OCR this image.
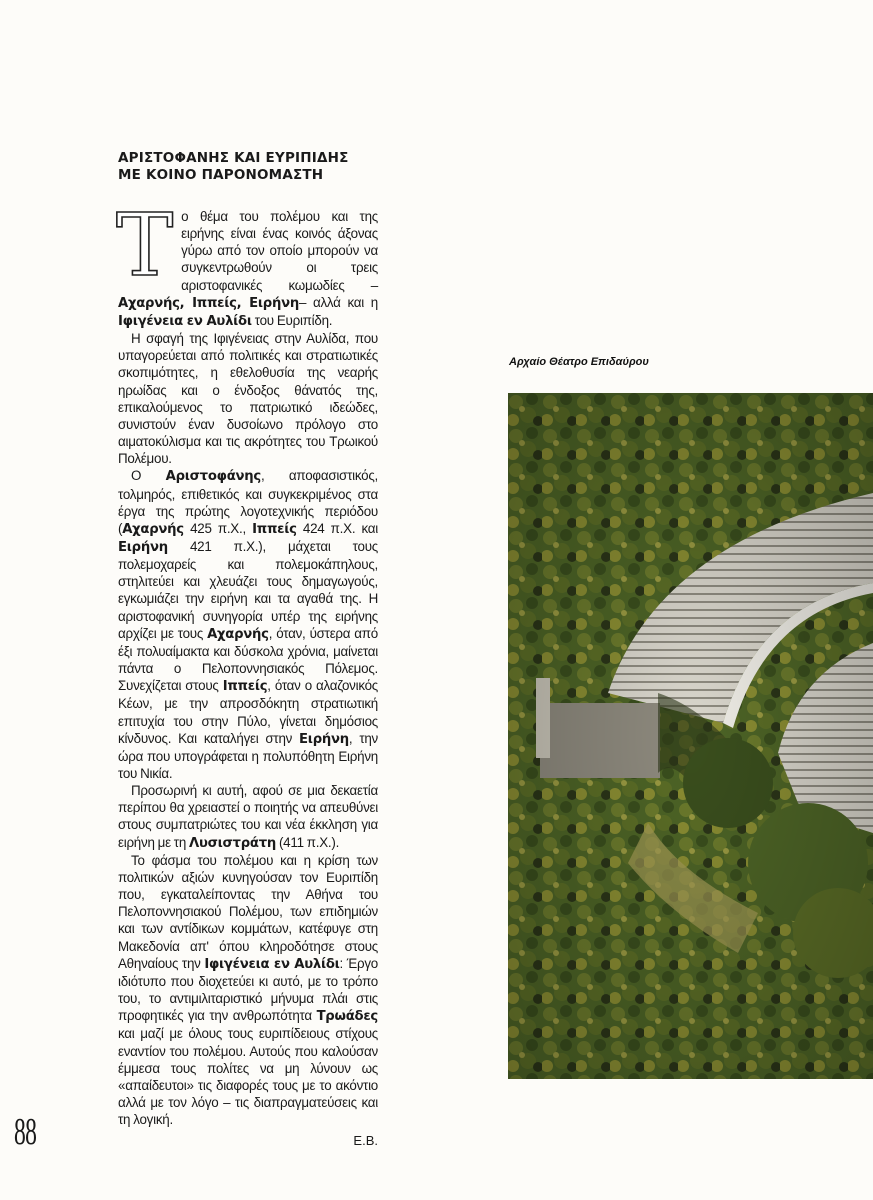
ΑΡΙΣΤΟΦΑΝΗΣ ΚΑΙ ΕΥΡΙΠΙΔΗΣ
ΜΕ ΚΟΙΝΟ ΠΑΡΟΝΟΜΑΣΤΗ

Το θέμα του πολέμου και της ειρήνης είναι ένας κοινός άξονας γύρω από τον οποίο μπορούν να συγκεντρωθούν οι τρεις αριστοφανικές κωμωδίες –Αχαρνής, Ιππείς, Ειρήνη– αλλά και η Ιφιγένεια εν Αυλίδι του Ευριπίδη.

Η σφαγή της Ιφιγένειας στην Αυλίδα, που υπαγορεύεται από πολιτικές και στρατιωτικές σκοπιμότητες, η εθελοθυσία της νεαρής ηρωίδας και ο ένδοξος θάνατός της, επικαλούμενος το πατριωτικό ιδεώδες, συνιστούν έναν δυσοίωνο πρόλογο στο αιματοκύλισμα και τις ακρότητες του Τρωικού Πολέμου.

Ο Αριστοφάνης, αποφασιστικός, τολμηρός, επιθετικός και συγκεκριμένος στα έργα της πρώτης λογοτεχνικής περιόδου (Αχαρνής 425 π.Χ., Ιππείς 424 π.Χ. και Ειρήνη 421 π.Χ.), μάχεται τους πολεμοχαρείς και πολεμοκάπηλους, στηλιτεύει και χλευάζει τους δημαγωγούς, εγκωμιάζει την ειρήνη και τα αγαθά της. Η αριστοφανική συνηγορία υπέρ της ειρήνης αρχίζει με τους Αχαρνής, όταν, ύστερα από έξι πολυαίμακτα και δύσκολα χρόνια, μαίνεται πάντα ο Πελοποννησιακός Πόλεμος. Συνεχίζεται στους Ιππείς, όταν ο αλαζονικός Κέων, με την απροσδόκητη στρατιωτική επιτυχία του στην Πύλο, γίνεται δημόσιος κίνδυνος. Και καταλήγει στην Ειρήνη, την ώρα που υπογράφεται η πολυπόθητη Ειρήνη του Νικία.

Προσωρινή κι αυτή, αφού σε μια δεκαετία περίπου θα χρειαστεί ο ποιητής να απευθύνει στους συμπατριώτες του και νέα έκκληση για ειρήνη με τη Λυσιστράτη (411 π.Χ.).

Το φάσμα του πολέμου και η κρίση των πολιτικών αξιών κυνηγούσαν τον Ευριπίδη που, εγκαταλείποντας την Αθήνα του Πελοποννησιακού Πολέμου, των επιδημιών και των αντίδικων κομμάτων, κατέφυγε στη Μακεδονία απ' όπου κληροδότησε στους Αθηναίους την Ιφιγένεια εν Αυλίδι: Έργο ιδιότυπο που διοχετεύει κι αυτό, με το τρόπο του, το αντιμιλιταριστικό μήνυμα πλάι στις προφητικές για την ανθρωπότητα Τρωάδες και μαζί με όλους τους ευριπίδειους στίχους εναντίον του πολέμου. Αυτούς που καλούσαν έμμεσα τους πολίτες να μη λύνουν ως «απαίδευτοι» τις διαφορές τους με το ακόντιο αλλά με τον λόγο – τις διαπραγματεύσεις και τη λογική.

Ε.Β.
88
Αρχαίο Θέατρο Επιδαύρου
